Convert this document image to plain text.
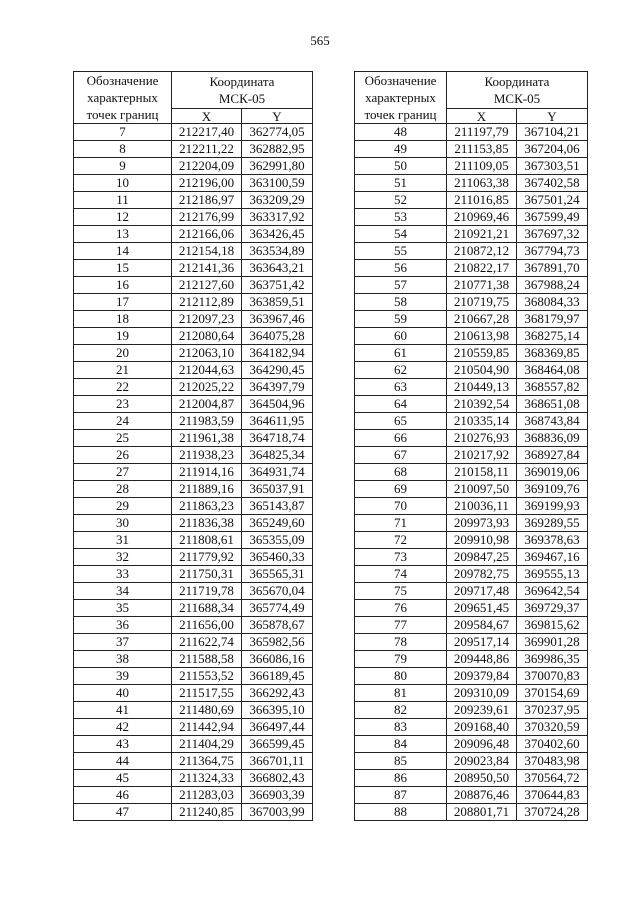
565
Обозначение
характерных
точек границ	Координата
МСК-05	
	X	Y
7	212217,40	362774,05
8	212211,22	362882,95
9	212204,09	362991,80
10	212196,00	363100,59
11	212186,97	363209,29
12	212176,99	363317,92
13	212166,06	363426,45
14	212154,18	363534,89
15	212141,36	363643,21
16	212127,60	363751,42
17	212112,89	363859,51
18	212097,23	363967,46
19	212080,64	364075,28
20	212063,10	364182,94
21	212044,63	364290,45
22	212025,22	364397,79
23	212004,87	364504,96
24	211983,59	364611,95
25	211961,38	364718,74
26	211938,23	364825,34
27	211914,16	364931,74
28	211889,16	365037,91
29	211863,23	365143,87
30	211836,38	365249,60
31	211808,61	365355,09
32	211779,92	365460,33
33	211750,31	365565,31
34	211719,78	365670,04
35	211688,34	365774,49
36	211656,00	365878,67
37	211622,74	365982,56
38	211588,58	366086,16
39	211553,52	366189,45
40	211517,55	366292,43
41	211480,69	366395,10
42	211442,94	366497,44
43	211404,29	366599,45
44	211364,75	366701,11
45	211324,33	366802,43
46	211283,03	366903,39
47	211240,85	367003,99
Обозначение
характерных
точек границ	Координата
МСК-05	
	X	Y
48	211197,79	367104,21
49	211153,85	367204,06
50	211109,05	367303,51
51	211063,38	367402,58
52	211016,85	367501,24
53	210969,46	367599,49
54	210921,21	367697,32
55	210872,12	367794,73
56	210822,17	367891,70
57	210771,38	367988,24
58	210719,75	368084,33
59	210667,28	368179,97
60	210613,98	368275,14
61	210559,85	368369,85
62	210504,90	368464,08
63	210449,13	368557,82
64	210392,54	368651,08
65	210335,14	368743,84
66	210276,93	368836,09
67	210217,92	368927,84
68	210158,11	369019,06
69	210097,50	369109,76
70	210036,11	369199,93
71	209973,93	369289,55
72	209910,98	369378,63
73	209847,25	369467,16
74	209782,75	369555,13
75	209717,48	369642,54
76	209651,45	369729,37
77	209584,67	369815,62
78	209517,14	369901,28
79	209448,86	369986,35
80	209379,84	370070,83
81	209310,09	370154,69
82	209239,61	370237,95
83	209168,40	370320,59
84	209096,48	370402,60
85	209023,84	370483,98
86	208950,50	370564,72
87	208876,46	370644,83
88	208801,71	370724,28
